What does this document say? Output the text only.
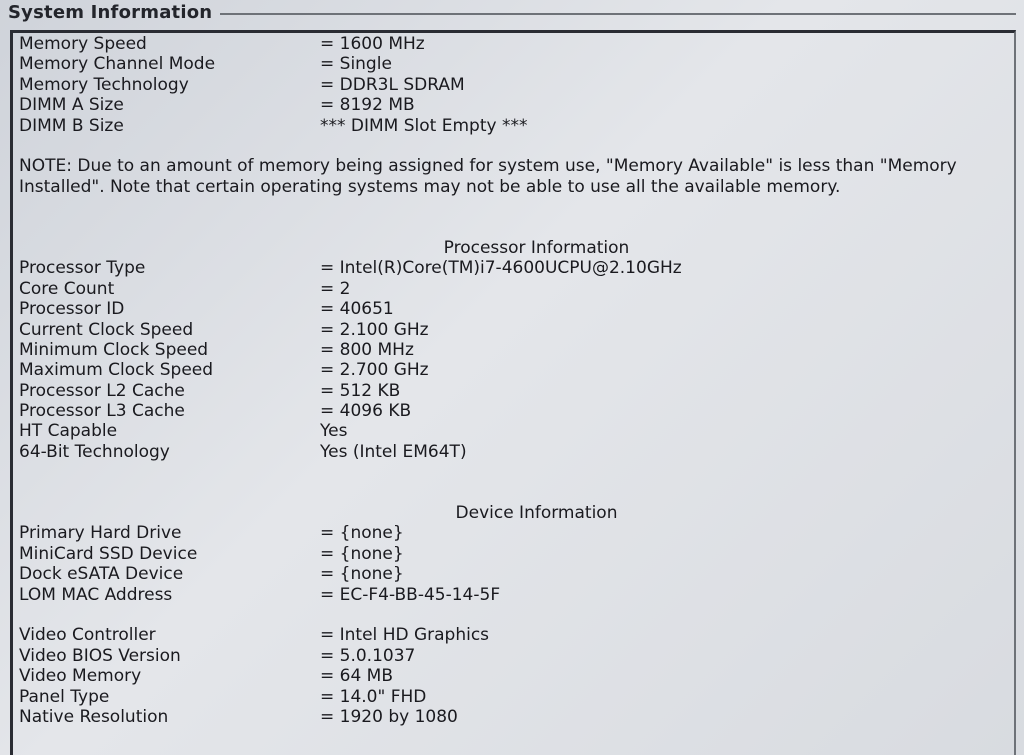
System Information
Memory Speed	= 1600 MHz
Memory Channel Mode	= Single
Memory Technology	= DDR3L SDRAM
DIMM A Size	= 8192 MB
DIMM B Size	*** DIMM Slot Empty ***
NOTE: Due to an amount of memory being assigned for system use, "Memory Available" is less than "Memory Installed". Note that certain operating systems may not be able to use all the available memory.
Processor Information
Processor Type	= Intel(R)Core(TM)i7-4600UCPU@2.10GHz
Core Count	= 2
Processor ID	= 40651
Current Clock Speed	= 2.100 GHz
Minimum Clock Speed	= 800 MHz
Maximum Clock Speed	= 2.700 GHz
Processor L2 Cache	= 512 KB
Processor L3 Cache	= 4096 KB
HT Capable	Yes
64-Bit Technology	Yes (Intel EM64T)
Device Information
Primary Hard Drive	= {none}
MiniCard SSD Device	= {none}
Dock eSATA Device	= {none}
LOM MAC Address	= EC-F4-BB-45-14-5F
Video Controller	= Intel HD Graphics
Video BIOS Version	= 5.0.1037
Video Memory	= 64 MB
Panel Type	= 14.0" FHD
Native Resolution	= 1920 by 1080
